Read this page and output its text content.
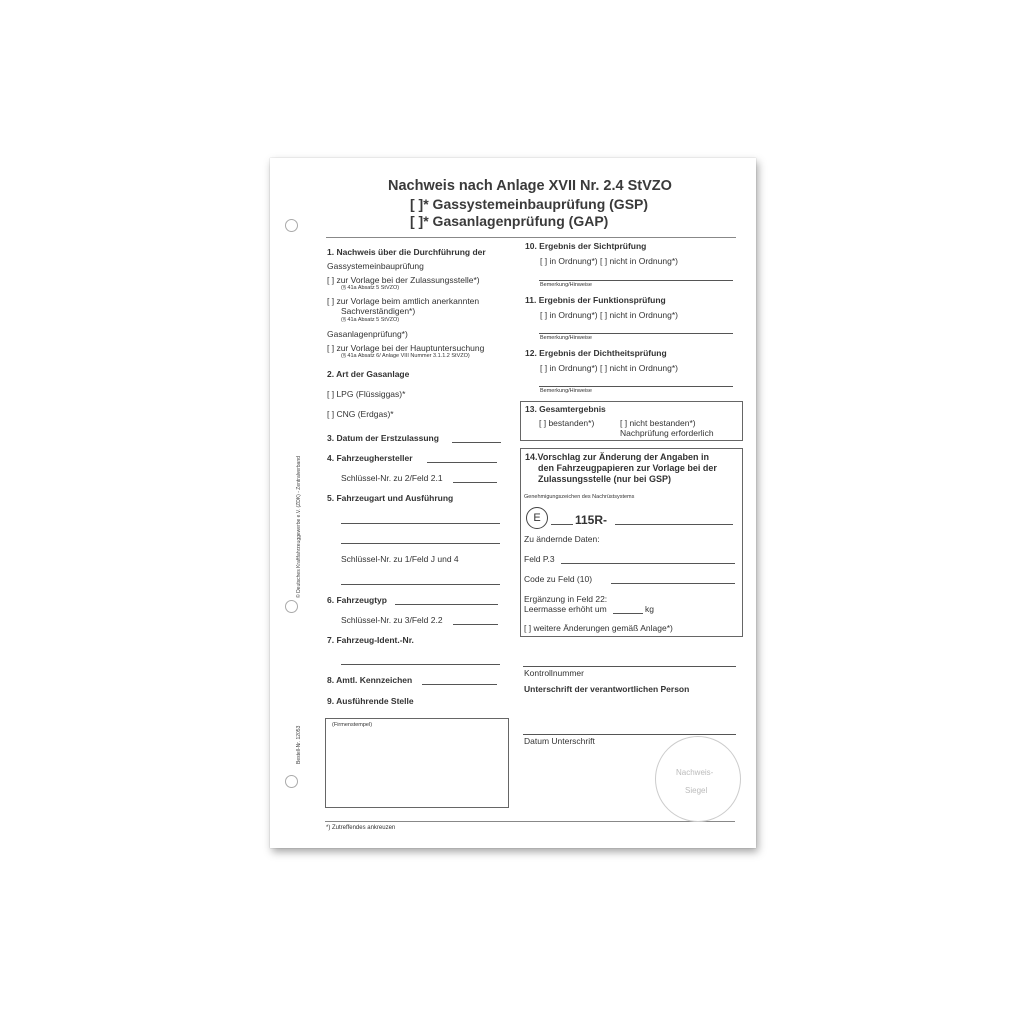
© Deutsches Kraftfahrzeuggewerbe e.V. (ZDK) - Zentralverband
Bestell-Nr. 12053
Nachweis nach Anlage XVII Nr. 2.4 StVZO
[ ]* Gassystemeinbauprüfung (GSP)
[ ]* Gasanlagenprüfung (GAP)
1. Nachweis über die Durchführung der
Gassystemeinbauprüfung
[ ] zur Vorlage bei der Zulassungsstelle*)
(§ 41a Absatz 5 StVZO)
[ ] zur Vorlage beim amtlich anerkannten
Sachverständigen*)
(§ 41a Absatz 5 StVZO)
Gasanlagenprüfung*)
[ ] zur Vorlage bei der Hauptuntersuchung
(§ 41a Absatz 6/ Anlage VIII Nummer 3.1.1.2 StVZO)
2. Art der Gasanlage
[ ] LPG (Flüssiggas)*
[ ] CNG (Erdgas)*
3. Datum der Erstzulassung
4. Fahrzeughersteller
Schlüssel-Nr. zu 2/Feld 2.1
5. Fahrzeugart und Ausführung
Schlüssel-Nr. zu 1/Feld J und 4
6. Fahrzeugtyp
Schlüssel-Nr. zu 3/Feld 2.2
7. Fahrzeug-Ident.-Nr.
8. Amtl. Kennzeichen
9. Ausführende Stelle
(Firmenstempel)
*) Zutreffendes ankreuzen
10. Ergebnis der Sichtprüfung
[ ] in Ordnung*) [ ] nicht in Ordnung*)
Bemerkung/Hinweise
11. Ergebnis der Funktionsprüfung
[ ] in Ordnung*) [ ] nicht in Ordnung*)
Bemerkung/Hinweise
12. Ergebnis der Dichtheitsprüfung
[ ] in Ordnung*) [ ] nicht in Ordnung*)
Bemerkung/Hinweise
13. Gesamtergebnis
[ ] bestanden*)	[ ] nicht bestanden*)
Nachprüfung erforderlich
14.Vorschlag zur Änderung der Angaben in
den Fahrzeugpapieren zur Vorlage bei der
Zulassungsstelle (nur bei GSP)
Genehmigungszeichen des Nachrüstsystems
E	115R-
Zu ändernde Daten:
Feld P.3
Code zu Feld (10)
Ergänzung in Feld 22:
Leermasse erhöht um	kg
[ ] weitere Änderungen gemäß Anlage*)
Kontrollnummer
Unterschrift der verantwortlichen Person
Datum Unterschrift
Nachweis-
Siegel
